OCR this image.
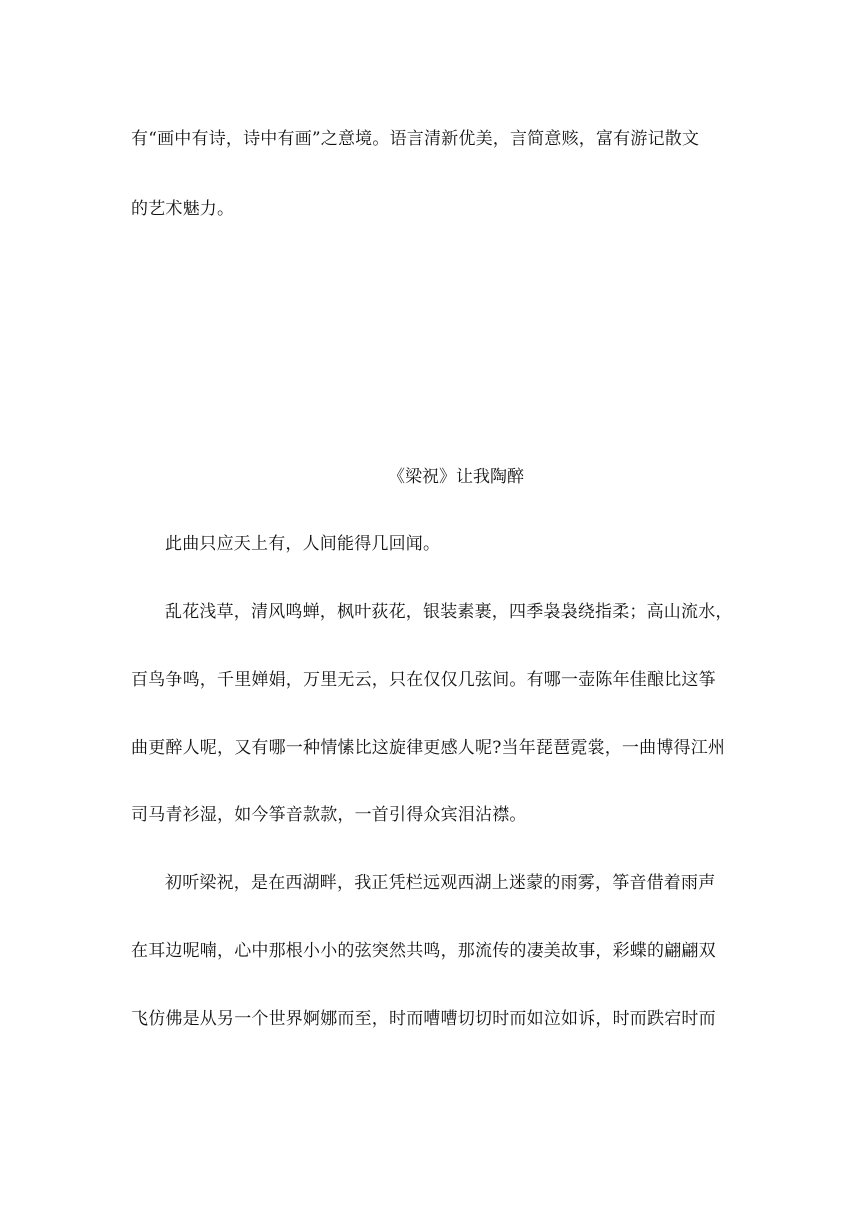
有“画中有诗，诗中有画”之意境。语言清新优美，言简意赅，富有游记散文
的艺术魅力。
《梁祝》让我陶醉
此曲只应天上有，人间能得几回闻。
乱花浅草，清风鸣蝉，枫叶荻花，银装素裹，四季袅袅绕指柔；高山流水，
百鸟争鸣，千里婵娟，万里无云，只在仅仅几弦间。有哪一壶陈年佳酿比这筝
曲更醉人呢，又有哪一种情愫比这旋律更感人呢?当年琵琶霓裳，一曲博得江州
司马青衫湿，如今筝音款款，一首引得众宾泪沾襟。
初听梁祝，是在西湖畔，我正凭栏远观西湖上迷蒙的雨雾，筝音借着雨声
在耳边呢喃，心中那根小小的弦突然共鸣，那流传的凄美故事，彩蝶的翩翩双
飞仿佛是从另一个世界婀娜而至，时而嘈嘈切切时而如泣如诉，时而跌宕时而
